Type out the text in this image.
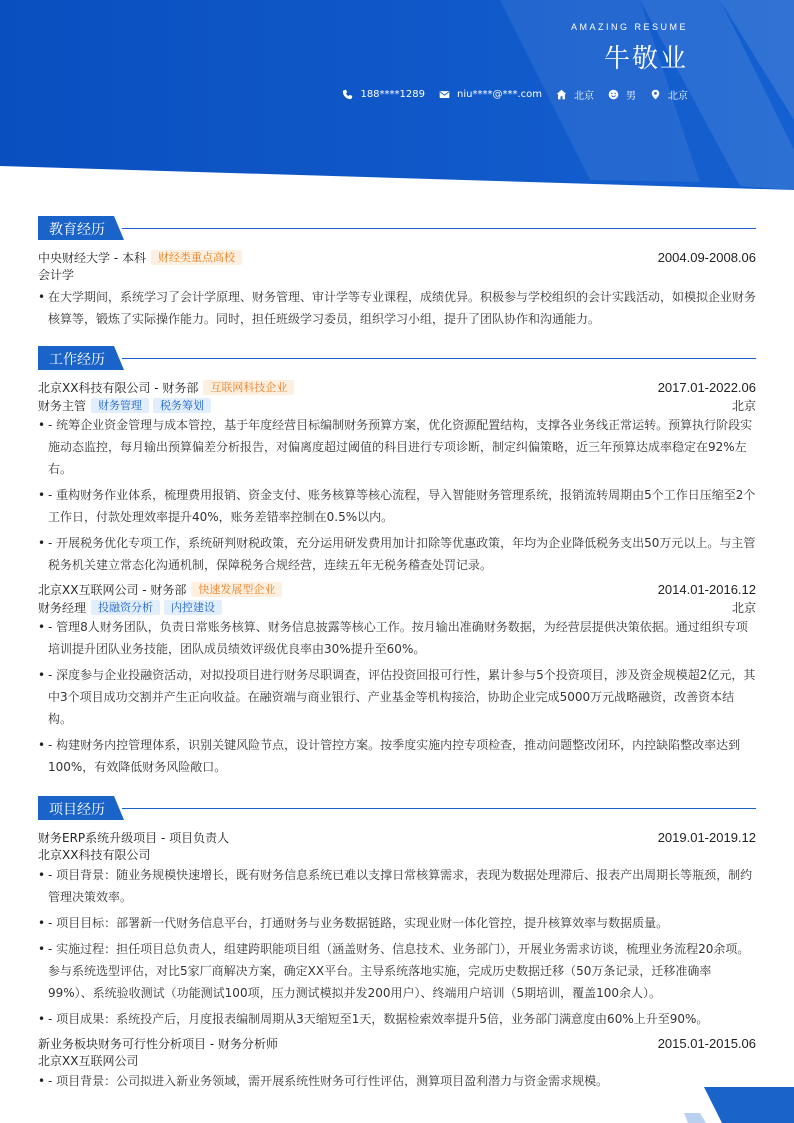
AMAZING RESUME
牛敬业
188****1289	niu****@***.com	北京	男	北京
教育经历
中央财经大学 - 本科	财经类重点高校	2004.09-2008.06
会计学
• 在大学期间，系统学习了会计学原理、财务管理、审计学等专业课程，成绩优异。积极参与学校组织的会计实践活动，如模拟企业财务核算等，锻炼了实际操作能力。同时，担任班级学习委员，组织学习小组，提升了团队协作和沟通能力。
工作经历
北京XX科技有限公司 - 财务部	互联网科技企业	2017.01-2022.06
财务主管	财务管理	税务筹划	北京
• - 统筹企业资金管理与成本管控，基于年度经营目标编制财务预算方案，优化资源配置结构，支撑各业务线正常运转。预算执行阶段实施动态监控，每月输出预算偏差分析报告，对偏离度超过阈值的科目进行专项诊断，制定纠偏策略，近三年预算达成率稳定在92%左右。
• - 重构财务作业体系，梳理费用报销、资金支付、账务核算等核心流程，导入智能财务管理系统，报销流转周期由5个工作日压缩至2个工作日，付款处理效率提升40%，账务差错率控制在0.5%以内。
• - 开展税务优化专项工作，系统研判财税政策，充分运用研发费用加计扣除等优惠政策，年均为企业降低税务支出50万元以上。与主管税务机关建立常态化沟通机制，保障税务合规经营，连续五年无税务稽查处罚记录。
北京XX互联网公司 - 财务部	快速发展型企业	2014.01-2016.12
财务经理	投融资分析	内控建设	北京
• - 管理8人财务团队，负责日常账务核算、财务信息披露等核心工作。按月输出准确财务数据，为经营层提供决策依据。通过组织专项培训提升团队业务技能，团队成员绩效评级优良率由30%提升至60%。
• - 深度参与企业投融资活动，对拟投项目进行财务尽职调查，评估投资回报可行性，累计参与5个投资项目，涉及资金规模超2亿元，其中3个项目成功交割并产生正向收益。在融资端与商业银行、产业基金等机构接洽，协助企业完成5000万元战略融资，改善资本结构。
• - 构建财务内控管理体系，识别关键风险节点，设计管控方案。按季度实施内控专项检查，推动问题整改闭环，内控缺陷整改率达到100%，有效降低财务风险敞口。
项目经历
财务ERP系统升级项目 - 项目负责人	2019.01-2019.12
北京XX科技有限公司
• - 项目背景：随业务规模快速增长，既有财务信息系统已难以支撑日常核算需求，表现为数据处理滞后、报表产出周期长等瓶颈，制约管理决策效率。
• - 项目目标：部署新一代财务信息平台，打通财务与业务数据链路，实现业财一体化管控，提升核算效率与数据质量。
• - 实施过程：担任项目总负责人，组建跨职能项目组（涵盖财务、信息技术、业务部门），开展业务需求访谈，梳理业务流程20余项。参与系统选型评估，对比5家厂商解决方案，确定XX平台。主导系统落地实施，完成历史数据迁移（50万条记录，迁移准确率99%）、系统验收测试（功能测试100项，压力测试模拟并发200用户）、终端用户培训（5期培训，覆盖100余人）。
• - 项目成果：系统投产后，月度报表编制周期从3天缩短至1天，数据检索效率提升5倍，业务部门满意度由60%上升至90%。
新业务板块财务可行性分析项目 - 财务分析师	2015.01-2015.06
北京XX互联网公司
• - 项目背景：公司拟进入新业务领域，需开展系统性财务可行性评估，测算项目盈利潜力与资金需求规模。
